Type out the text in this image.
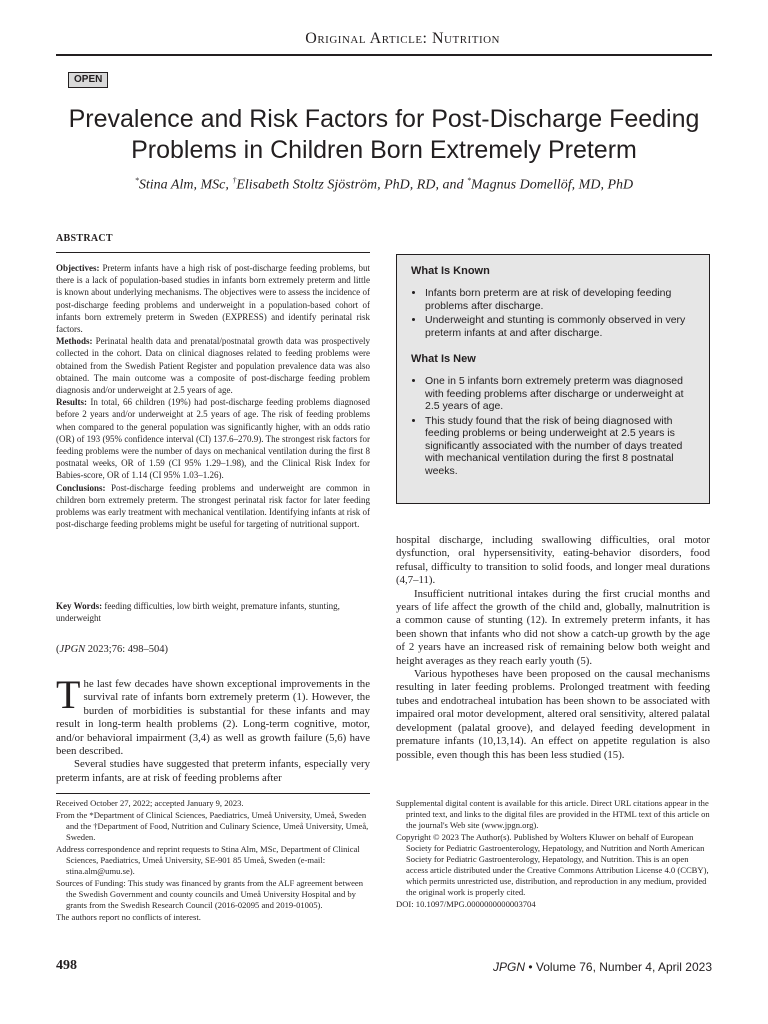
Original Article: Nutrition
OPEN
Prevalence and Risk Factors for Post-Discharge Feeding
Problems in Children Born Extremely Preterm
*Stina Alm, MSc, †Elisabeth Stoltz Sjöström, PhD, RD, and *Magnus Domellöf, MD, PhD
ABSTRACT

Objectives: Preterm infants have a high risk of post-discharge feeding problems, but there is a lack of population-based studies in infants born extremely preterm and little is known about underlying mechanisms. The objectives were to assess the incidence of post-discharge feeding problems and underweight in a population-based cohort of infants born extremely preterm in Sweden (EXPRESS) and identify perinatal risk factors.

Methods: Perinatal health data and prenatal/postnatal growth data was prospectively collected in the cohort. Data on clinical diagnoses related to feeding problems were obtained from the Swedish Patient Register and population prevalence data was also obtained. The main outcome was a composite of post-discharge feeding problem diagnosis and/or underweight at 2.5 years of age.

Results: In total, 66 children (19%) had post-discharge feeding problems diagnosed before 2 years and/or underweight at 2.5 years of age. The risk of feeding problems when compared to the general population was significantly higher, with an odds ratio (OR) of 193 (95% confidence interval (CI) 137.6–270.9). The strongest risk factors for feeding problems were the number of days on mechanical ventilation during the first 8 postnatal weeks, OR of 1.59 (CI 95% 1.29–1.98), and the Clinical Risk Index for Babies-score, OR of 1.14 (CI 95% 1.03–1.26).

Conclusions: Post-discharge feeding problems and underweight are common in children born extremely preterm. The strongest perinatal risk factor for later feeding problems was early treatment with mechanical ventilation. Identifying infants at risk of post-discharge feeding problems might be useful for targeting of nutritional support.

Key Words: feeding difficulties, low birth weight, premature infants, stunting, underweight
(JPGN 2023;76: 498–504)

The last few decades have shown exceptional improvements in the survival rate of infants born extremely preterm (1). However, the burden of morbidities is substantial for these infants and may result in long-term health problems (2). Long-term cognitive, motor, and/or behavioral impairment (3,4) as well as growth failure (5,6) have been described.

Several studies have suggested that preterm infants, especially very preterm infants, are at risk of feeding problems after

What Is Known
• Infants born preterm are at risk of developing feeding problems after discharge.
• Underweight and stunting is commonly observed in very preterm infants at and after discharge.
What Is New
• One in 5 infants born extremely preterm was diagnosed with feeding problems after discharge or underweight at 2.5 years of age.
• This study found that the risk of being diagnosed with feeding problems or being underweight at 2.5 years is significantly associated with the number of days treated with mechanical ventilation during the first 8 postnatal weeks.

hospital discharge, including swallowing difficulties, oral motor dysfunction, oral hypersensitivity, eating-behavior disorders, food refusal, difficulty to transition to solid foods, and longer meal durations (4,7–11).

Insufficient nutritional intakes during the first crucial months and years of life affect the growth of the child and, globally, malnutrition is a common cause of stunting (12). In extremely preterm infants, it has been shown that infants who did not show a catch-up growth by the age of 2 years have an increased risk of remaining below both weight and height averages as they reach early youth (5).

Various hypotheses have been proposed on the causal mechanisms resulting in later feeding problems. Prolonged treatment with feeding tubes and endotracheal intubation has been shown to be associated with impaired oral motor development, altered oral sensitivity, altered palatal development (palatal groove), and delayed feeding development in premature infants (10,13,14). An effect on appetite regulation is also possible, even though this has been less studied (15).

Received October 27, 2022; accepted January 9, 2023.

From the *Department of Clinical Sciences, Paediatrics, Umeå University, Umeå, Sweden and the †Department of Food, Nutrition and Culinary Science, Umeå University, Umeå, Sweden.

Address correspondence and reprint requests to Stina Alm, MSc, Department of Clinical Sciences, Paediatrics, Umeå University, SE-901 85 Umeå, Sweden (e-mail: stina.alm@umu.se).

Sources of Funding: This study was financed by grants from the ALF agreement between the Swedish Government and county councils and Umeå University Hospital and by grants from the Swedish Research Council (2016-02095 and 2019-01005).

The authors report no conflicts of interest.

Supplemental digital content is available for this article. Direct URL citations appear in the printed text, and links to the digital files are provided in the HTML text of this article on the journal's Web site (www.jpgn.org).

Copyright © 2023 The Author(s). Published by Wolters Kluwer on behalf of European Society for Pediatric Gastroenterology, Hepatology, and Nutrition and North American Society for Pediatric Gastroenterology, Hepatology, and Nutrition. This is an open access article distributed under the Creative Commons Attribution License 4.0 (CCBY), which permits unrestricted use, distribution, and reproduction in any medium, provided the original work is properly cited.

DOI: 10.1097/MPG.0000000000003704

498	JPGN • Volume 76, Number 4, April 2023
